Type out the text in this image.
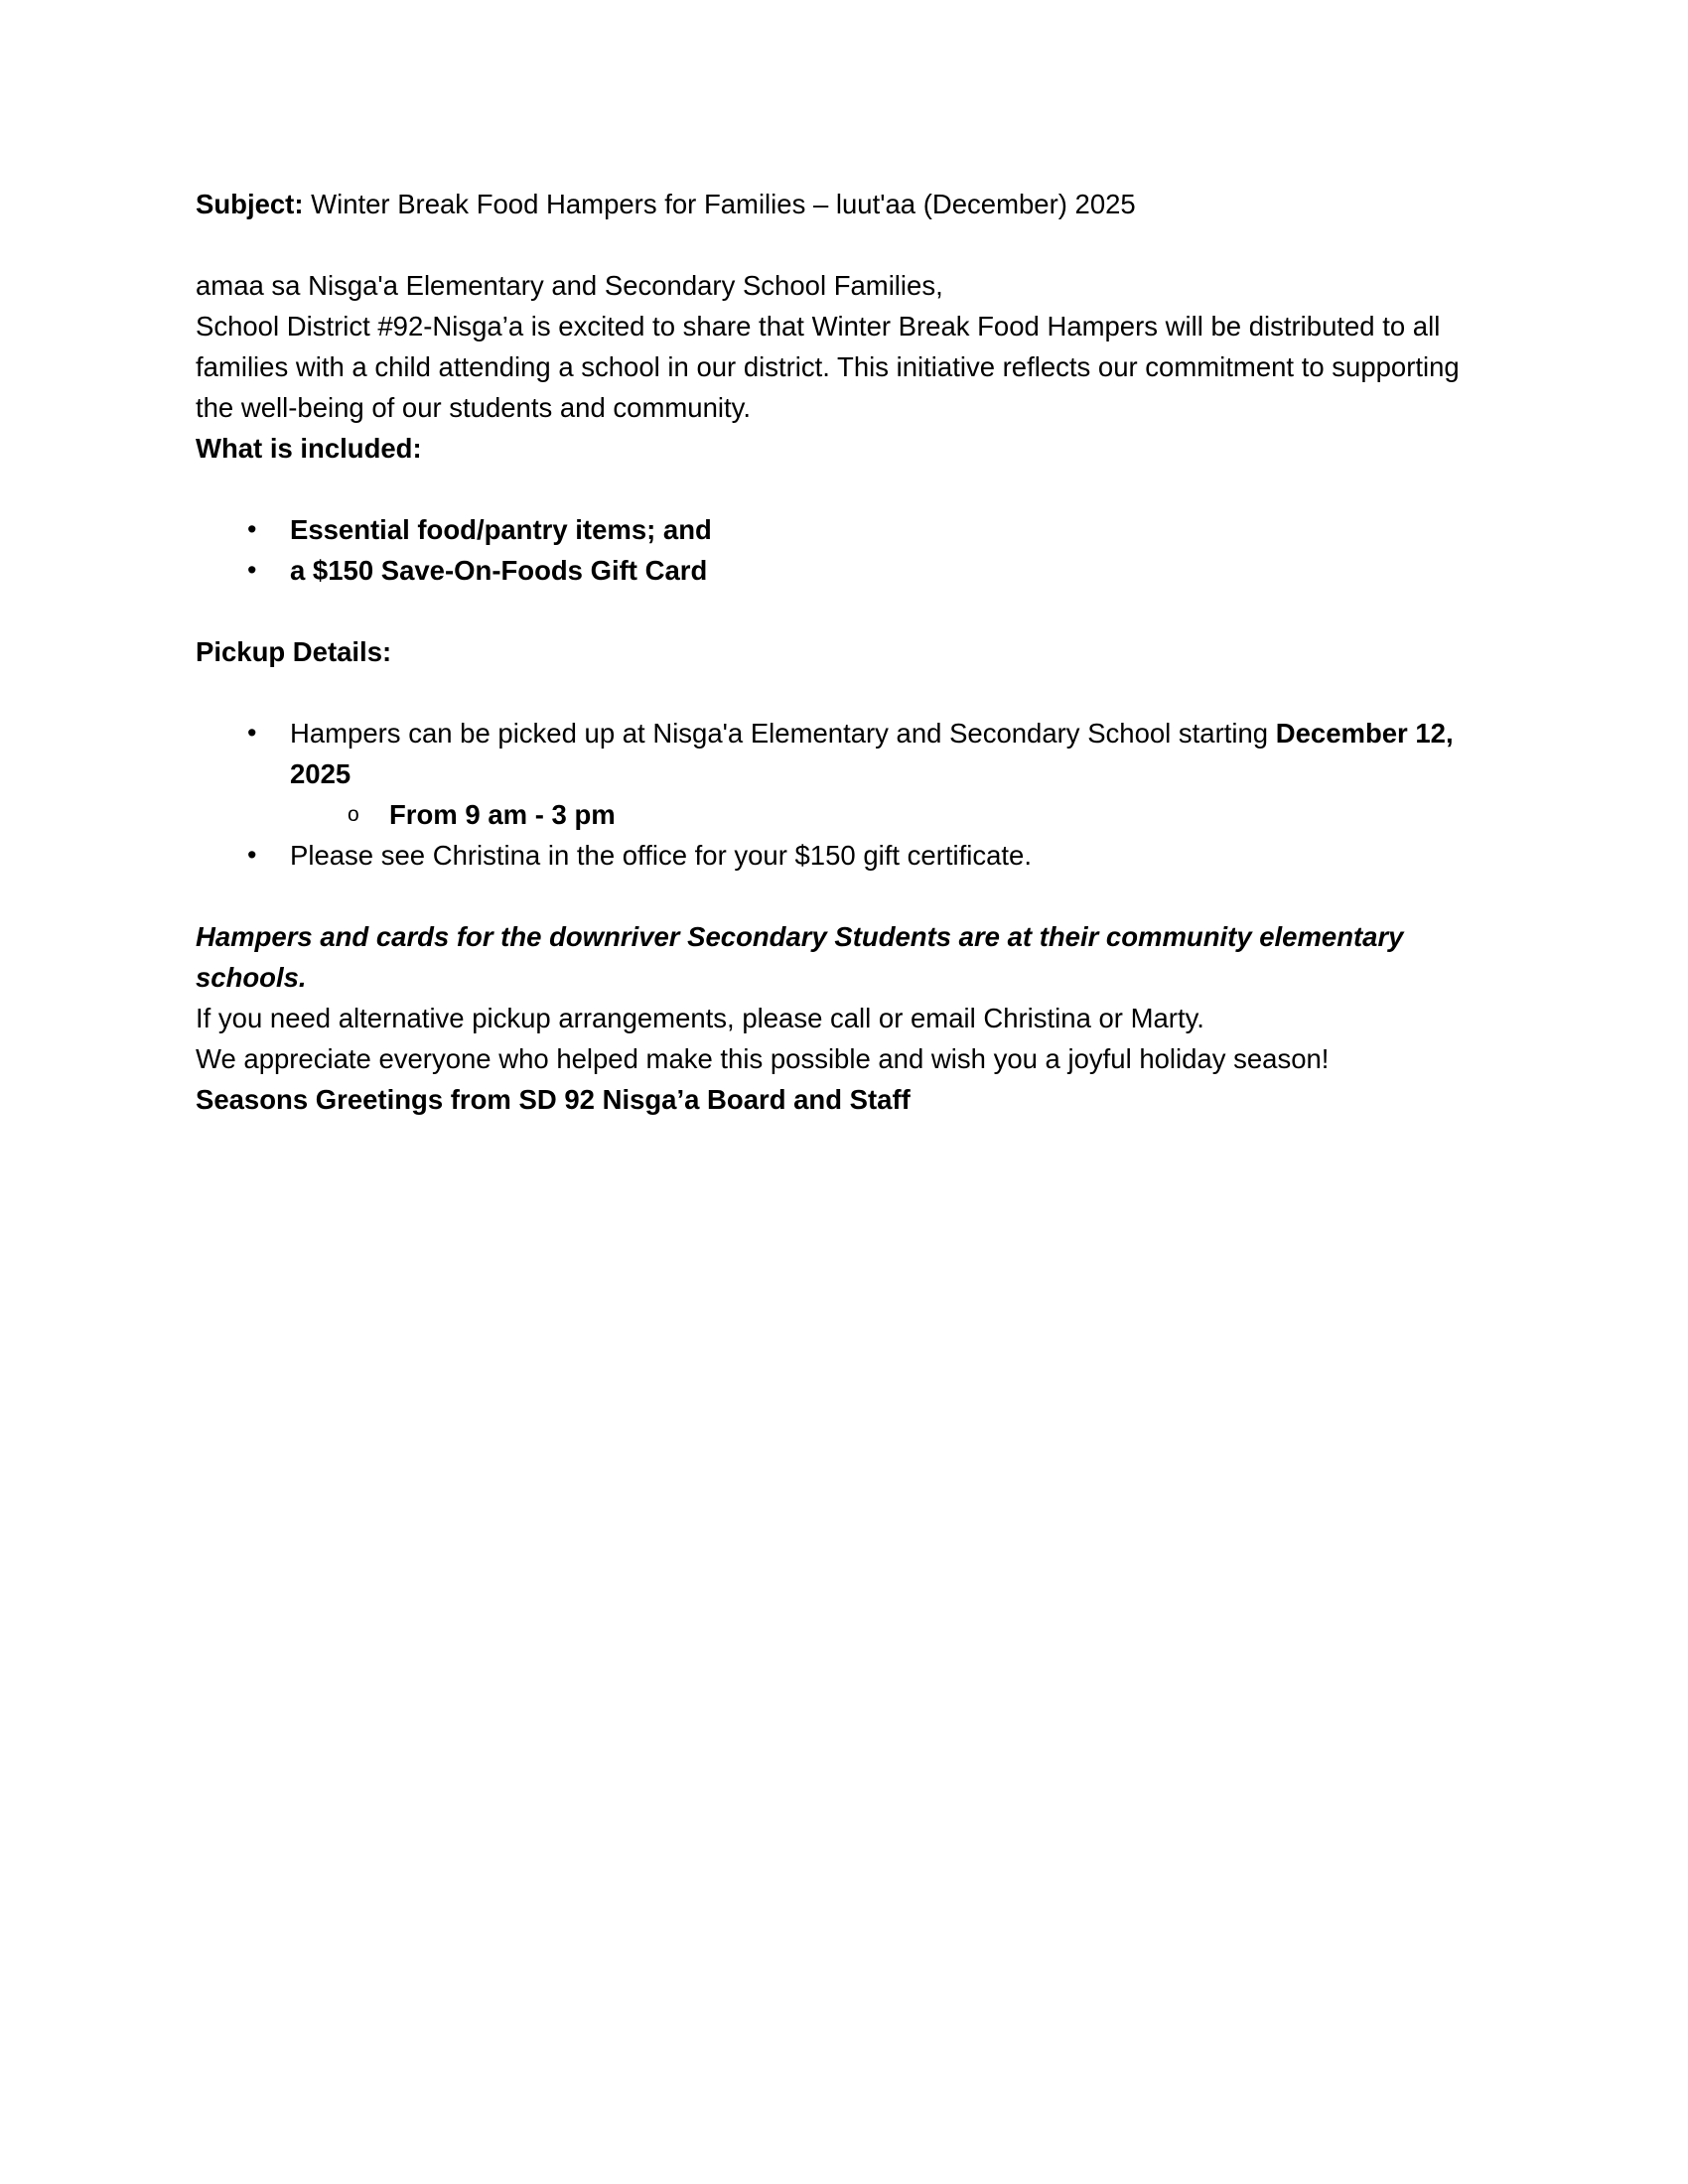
Subject: Winter Break Food Hampers for Families – luut'aa (December) 2025

amaa sa Nisga'a Elementary and Secondary School Families,

School District #92-Nisga’a is excited to share that Winter Break Food Hampers will be distributed to all families with a child attending a school in our district. This initiative reflects our commitment to supporting the well-being of our students and community.

What is included:

• Essential food/pantry items; and
• a $150 Save-On-Foods Gift Card

Pickup Details:

• Hampers can be picked up at Nisga'a Elementary and Secondary School starting December 12, 2025
o From 9 am - 3 pm
• Please see Christina in the office for your $150 gift certificate.

Hampers and cards for the downriver Secondary Students are at their community elementary schools.

If you need alternative pickup arrangements, please call or email Christina or Marty.

We appreciate everyone who helped make this possible and wish you a joyful holiday season!

Seasons Greetings from SD 92 Nisga’a Board and Staff
